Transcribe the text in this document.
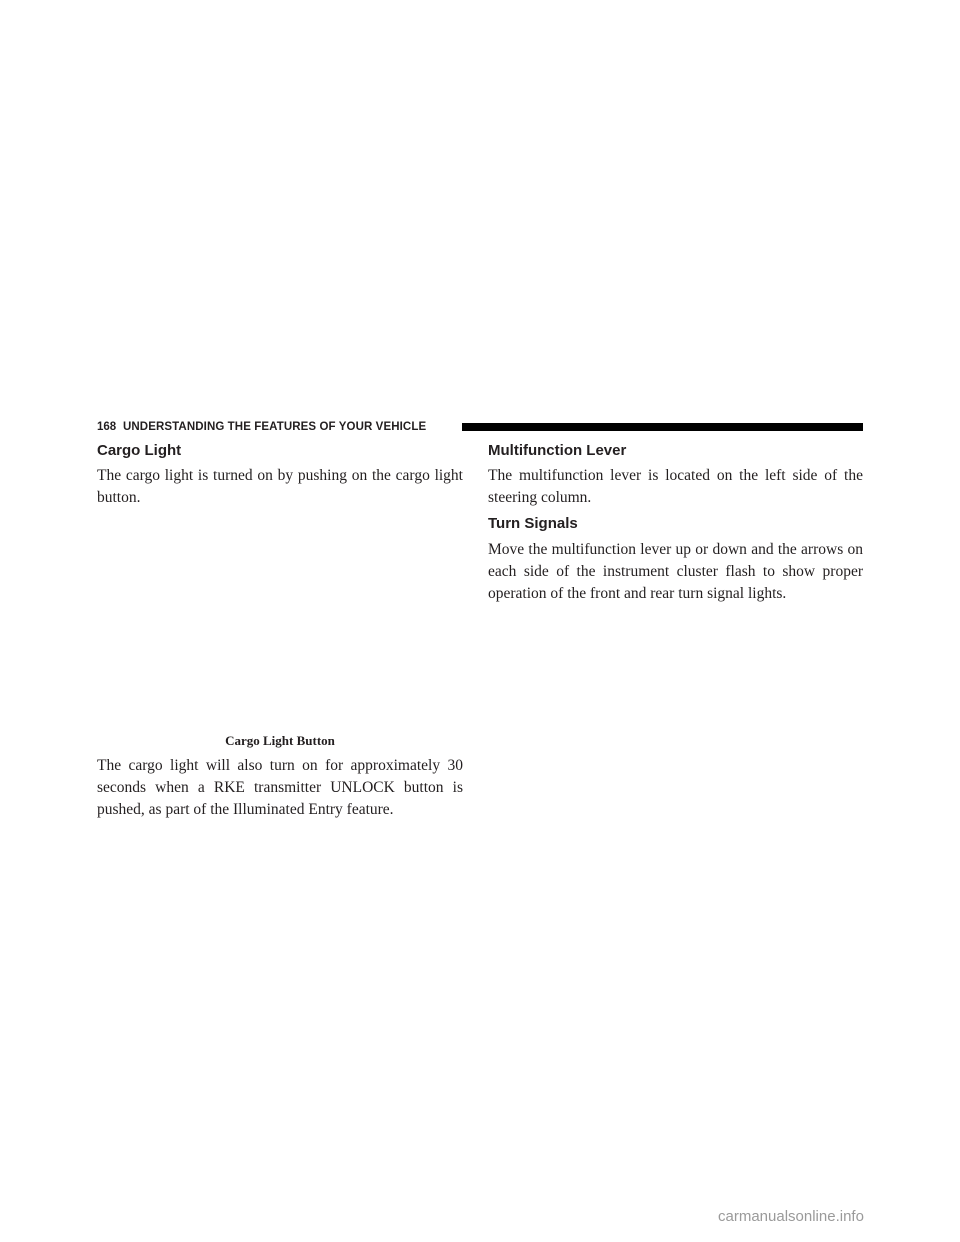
168 UNDERSTANDING THE FEATURES OF YOUR VEHICLE
Cargo Light
The cargo light is turned on by pushing on the cargo light button.
Cargo Light Button
The cargo light will also turn on for approximately 30 seconds when a RKE transmitter UNLOCK button is pushed, as part of the Illuminated Entry feature.
Multifunction Lever
The multifunction lever is located on the left side of the steering column.
Turn Signals
Move the multifunction lever up or down and the arrows on each side of the instrument cluster flash to show proper operation of the front and rear turn signal lights.
carmanualsonline.info
